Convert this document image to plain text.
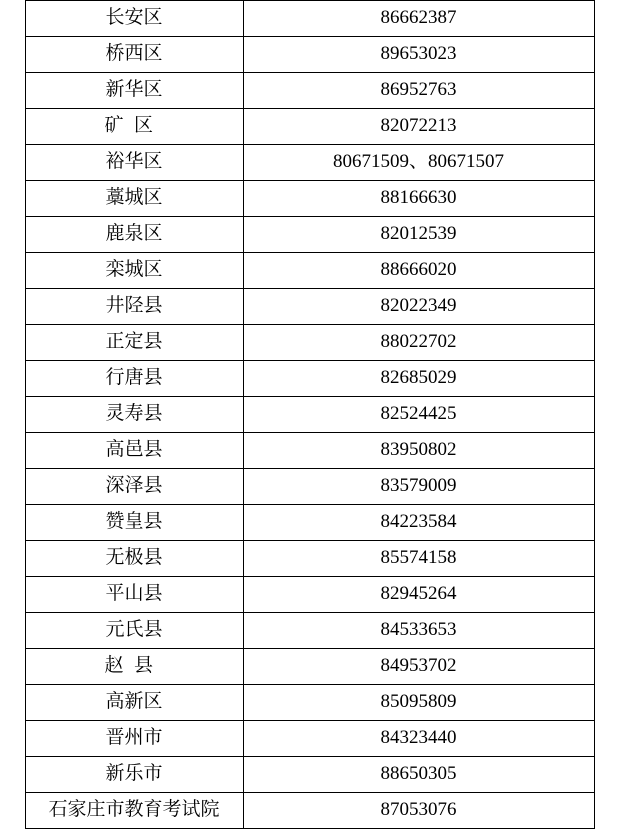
长安区	86662387
桥西区	89653023
新华区	86952763
矿区	82072213
裕华区	80671509、80671507
藁城区	88166630
鹿泉区	82012539
栾城区	88666020
井陉县	82022349
正定县	88022702
行唐县	82685029
灵寿县	82524425
高邑县	83950802
深泽县	83579009
赞皇县	84223584
无极县	85574158
平山县	82945264
元氏县	84533653
赵县	84953702
高新区	85095809
晋州市	84323440
新乐市	88650305
石家庄市教育考试院	87053076
